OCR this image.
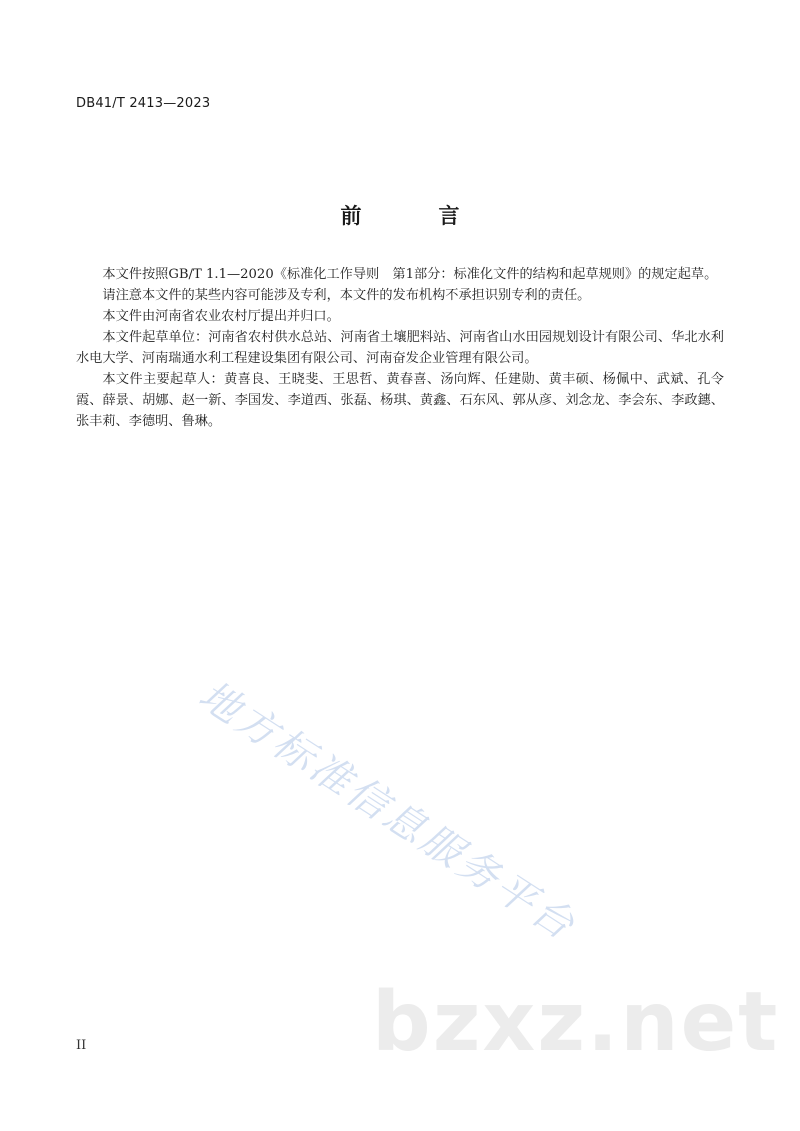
DB41/T 2413—2023
前　言

本文件按照GB/T 1.1—2020《标准化工作导则　第1部分：标准化文件的结构和起草规则》的规定起草。

请注意本文件的某些内容可能涉及专利，本文件的发布机构不承担识别专利的责任。

本文件由河南省农业农村厅提出并归口。

本文件起草单位：河南省农村供水总站、河南省土壤肥料站、河南省山水田园规划设计有限公司、华北水利水电大学、河南瑞通水利工程建设集团有限公司、河南奋发企业管理有限公司。

本文件主要起草人：黄喜良、王晓斐、王思哲、黄春喜、汤向辉、任建勋、黄丰硕、杨佩中、武斌、孔令霞、薛景、胡娜、赵一新、李国发、李道西、张磊、杨琪、黄鑫、石东风、郭从彦、刘念龙、李会东、李政鏸、张丰莉、李德明、鲁琳。

地方标准信息服务平台
bzxz.net
II
